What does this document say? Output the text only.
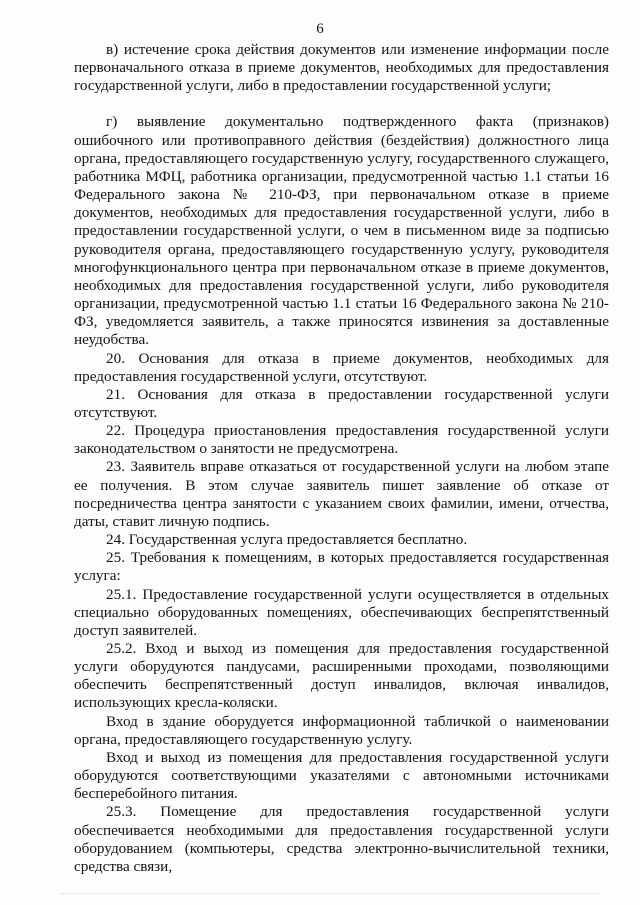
6

в) истечение срока действия документов или изменение информации после первоначального отказа в приеме документов, необходимых для предоставления государственной услуги, либо в предоставлении государственной услуги;

г) выявление документально подтвержденного факта (признаков) ошибочного или противоправного действия (бездействия) должностного лица органа, предоставляющего государственную услугу, государственного служащего, работника МФЦ, работника организации, предусмотренной частью 1.1 статьи 16 Федерального закона № 210-ФЗ, при первоначальном отказе в приеме документов, необходимых для предоставления государственной услуги, либо в предоставлении государственной услуги, о чем в письменном виде за подписью руководителя органа, предоставляющего государственную услугу, руководителя многофункционального центра при первоначальном отказе в приеме документов, необходимых для предоставления государственной услуги, либо руководителя организации, предусмотренной частью 1.1 статьи 16 Федерального закона № 210-ФЗ, уведомляется заявитель, а также приносятся извинения за доставленные неудобства.

20. Основания для отказа в приеме документов, необходимых для предоставления государственной услуги, отсутствуют.

21. Основания для отказа в предоставлении государственной услуги отсутствуют.

22. Процедура приостановления предоставления государственной услуги законодательством о занятости не предусмотрена.

23. Заявитель вправе отказаться от государственной услуги на любом этапе ее получения. В этом случае заявитель пишет заявление об отказе от посредничества центра занятости с указанием своих фамилии, имени, отчества, даты, ставит личную подпись.

24. Государственная услуга предоставляется бесплатно.

25. Требования к помещениям, в которых предоставляется государственная услуга:

25.1. Предоставление государственной услуги осуществляется в отдельных специально оборудованных помещениях, обеспечивающих беспрепятственный доступ заявителей.

25.2. Вход и выход из помещения для предоставления государственной услуги оборудуются пандусами, расширенными проходами, позволяющими обеспечить беспрепятственный доступ инвалидов, включая инвалидов, использующих кресла-коляски.

Вход в здание оборудуется информационной табличкой о наименовании органа, предоставляющего государственную услугу.

Вход и выход из помещения для предоставления государственной услуги оборудуются соответствующими указателями с автономными источниками бесперебойного питания.

25.3. Помещение для предоставления государственной услуги обеспечивается необходимыми для предоставления государственной услуги оборудованием (компьютеры, средства электронно-вычислительной техники, средства связи,
